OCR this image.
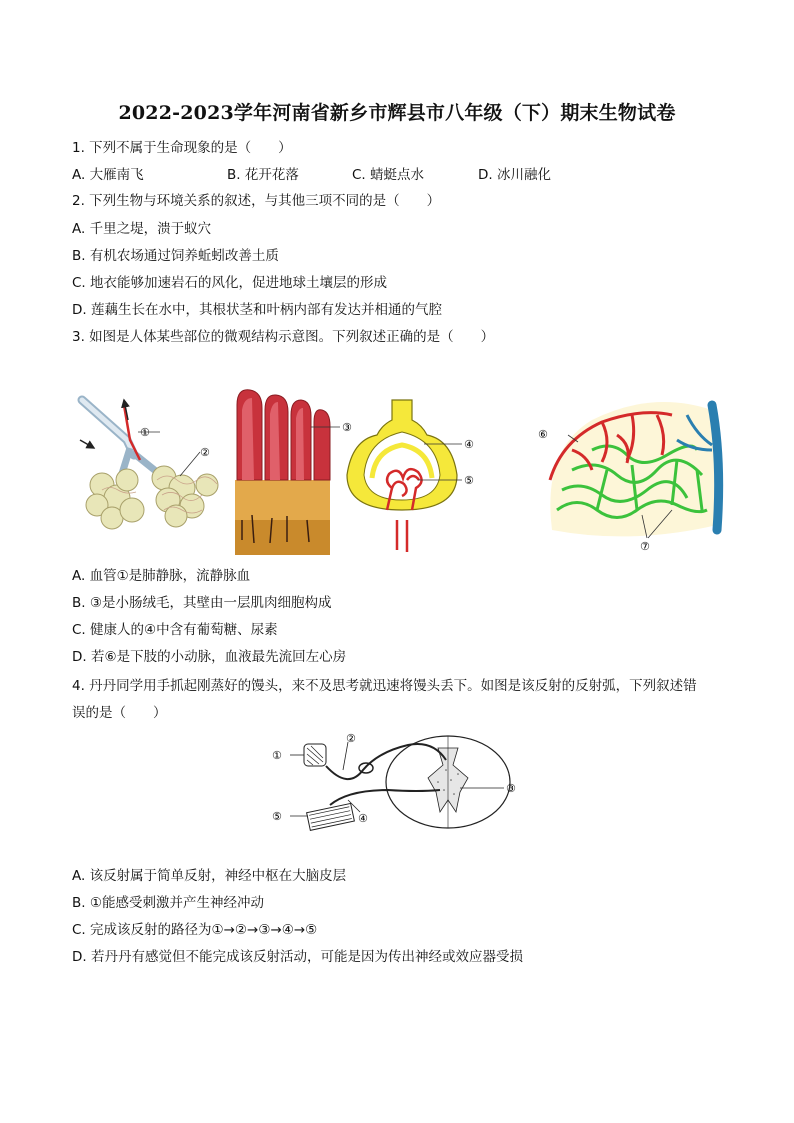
2022-2023学年河南省新乡市辉县市八年级（下）期末生物试卷
1. 下列不属于生命现象的是（　　）
A. 大雁南飞	B. 花开花落	C. 蜻蜓点水	D. 冰川融化
2. 下列生物与环境关系的叙述，与其他三项不同的是（　　）
A. 千里之堤，溃于蚁穴
B. 有机农场通过饲养蚯蚓改善土质
C. 地衣能够加速岩石的风化，促进地球土壤层的形成
D. 莲藕生长在水中，其根状茎和叶柄内部有发达并相通的气腔
3. 如图是人体某些部位的微观结构示意图。下列叙述正确的是（　　）
①
②
③
④
⑤
⑥
⑦
A. 血管①是肺静脉，流静脉血
B. ③是小肠绒毛，其壁由一层肌肉细胞构成
C. 健康人的④中含有葡萄糖、尿素
D. 若⑥是下肢的小动脉，血液最先流回左心房
4. 丹丹同学用手抓起刚蒸好的馒头，来不及思考就迅速将馒头丢下。如图是该反射的反射弧，下列叙述错
误的是（　　）
①
②
③
④
⑤
A. 该反射属于简单反射，神经中枢在大脑皮层
B. ①能感受刺激并产生神经冲动
C. 完成该反射的路径为①→②→③→④→⑤
D. 若丹丹有感觉但不能完成该反射活动，可能是因为传出神经或效应器受损
